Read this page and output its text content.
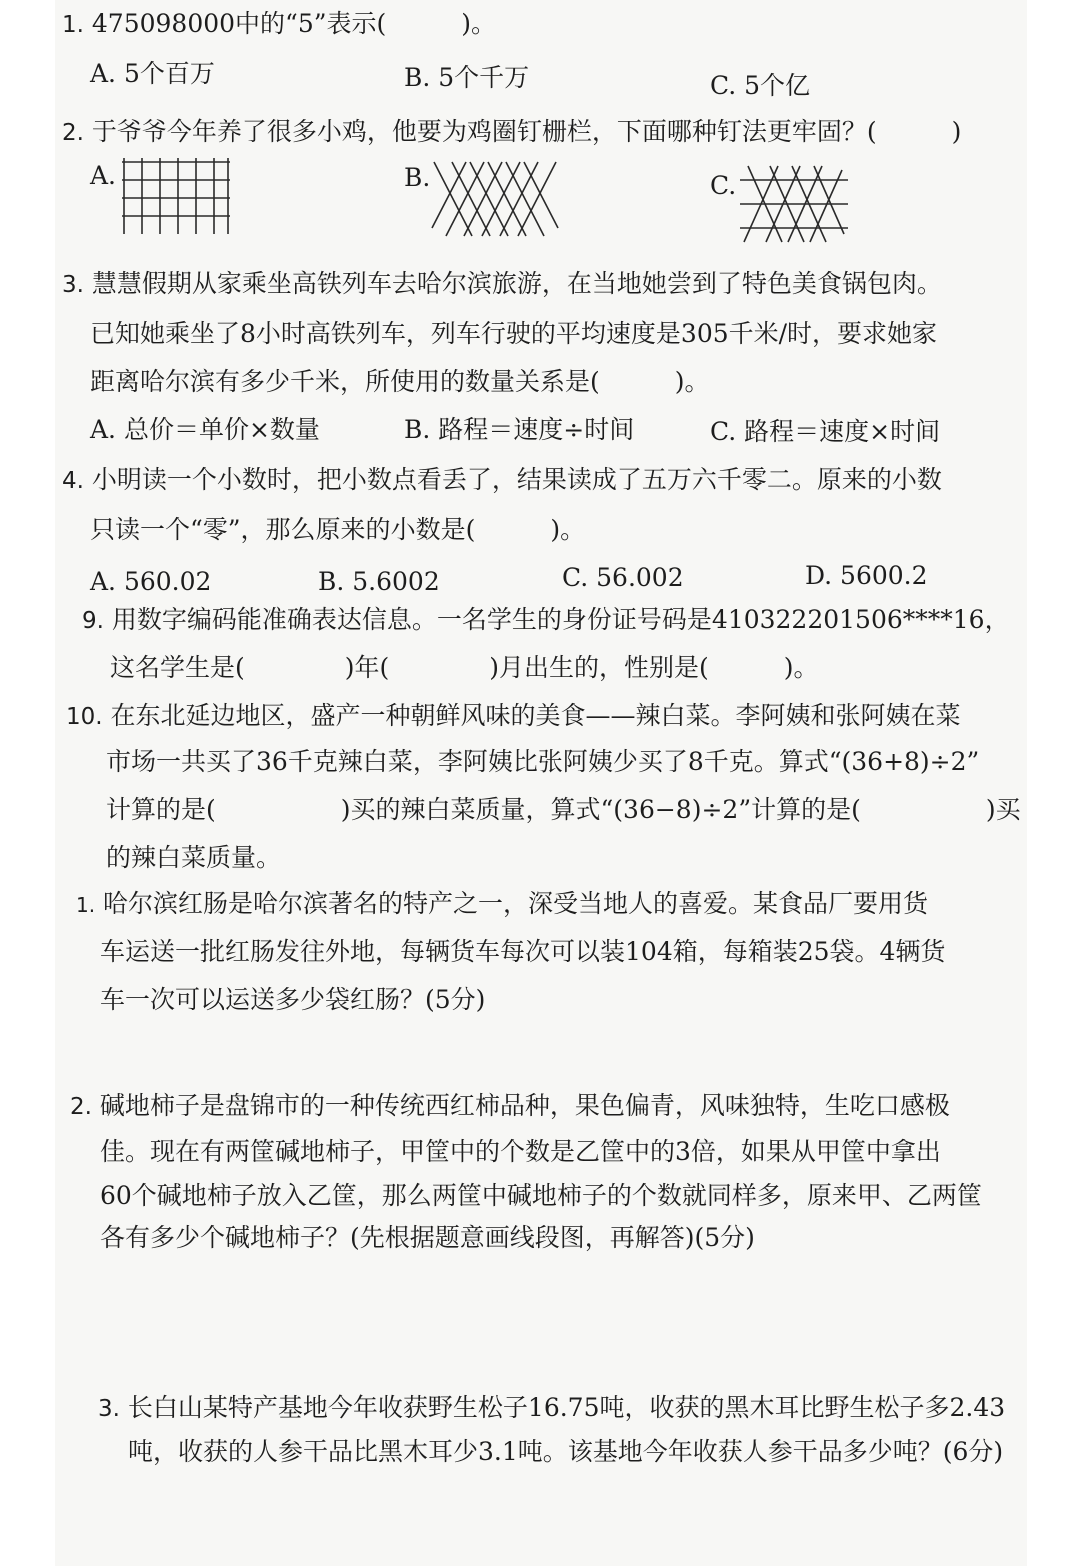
1. 475098000中的“5”表示(　　　)。
A. 5个百万	B. 5个千万	C. 5个亿
2. 于爷爷今年养了很多小鸡，他要为鸡圈钉栅栏，下面哪种钉法更牢固？(　　　)
A.	B.	C.
3. 慧慧假期从家乘坐高铁列车去哈尔滨旅游，在当地她尝到了特色美食锅包肉。
已知她乘坐了8小时高铁列车，列车行驶的平均速度是305千米/时，要求她家
距离哈尔滨有多少千米，所使用的数量关系是(　　　)。
A. 总价＝单价×数量	B. 路程＝速度÷时间	C. 路程＝速度×时间
4. 小明读一个小数时，把小数点看丢了，结果读成了五万六千零二。原来的小数
只读一个“零”，那么原来的小数是(　　　)。
A. 560.02	B. 5.6002	C. 56.002	D. 5600.2
9. 用数字编码能准确表达信息。一名学生的身份证号码是410322201506****16，
这名学生是(　　　　)年(　　　　)月出生的，性别是(　　　)。
10. 在东北延边地区，盛产一种朝鲜风味的美食——辣白菜。李阿姨和张阿姨在菜
市场一共买了36千克辣白菜，李阿姨比张阿姨少买了8千克。算式“(36+8)÷2”
计算的是(　　　　　)买的辣白菜质量，算式“(36−8)÷2”计算的是(　　　　　)买
的辣白菜质量。
1. 哈尔滨红肠是哈尔滨著名的特产之一，深受当地人的喜爱。某食品厂要用货
车运送一批红肠发往外地，每辆货车每次可以装104箱，每箱装25袋。4辆货
车一次可以运送多少袋红肠？(5分)
2. 碱地柿子是盘锦市的一种传统西红柿品种，果色偏青，风味独特，生吃口感极
佳。现在有两筐碱地柿子，甲筐中的个数是乙筐中的3倍，如果从甲筐中拿出
60个碱地柿子放入乙筐，那么两筐中碱地柿子的个数就同样多，原来甲、乙两筐
各有多少个碱地柿子？(先根据题意画线段图，再解答)(5分)
3. 长白山某特产基地今年收获野生松子16.75吨，收获的黑木耳比野生松子多2.43
吨，收获的人参干品比黑木耳少3.1吨。该基地今年收获人参干品多少吨？(6分)
